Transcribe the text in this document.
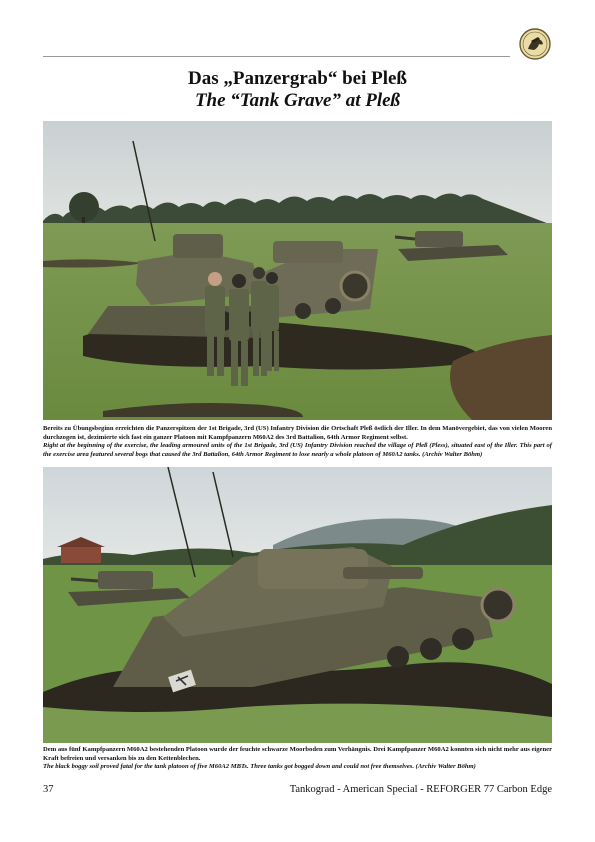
Das „Panzergrab“ bei Pleß
The “Tank Grave” at Pleß

Bereits zu Übungsbeginn erreichten die Panzerspitzen der 1st Brigade, 3rd (US) Infantry Division die Ortschaft Pleß östlich der Iller. In dem Manövergebiet, das von vielen Mooren durchzogen ist, dezimierte sich fast ein ganzer Platoon mit Kampfpanzern M60A2 des 3rd Battalion, 64th Armor Regiment selbst.

Right at the beginning of the exercise, the leading armoured units of the 1st Brigade, 3rd (US) Infantry Division reached the village of Pleß (Pless), situated east of the Iller. This part of the exercise area featured several bogs that caused the 3rd Battalion, 64th Armor Regiment to lose nearly a whole platoon of M60A2 tanks. (Archiv Walter Böhm)

Dem aus fünf Kampfpanzern M60A2 bestehenden Platoon wurde der feuchte schwarze Moorboden zum Verhängnis. Drei Kampfpanzer M60A2 konnten sich nicht mehr aus eigener Kraft befreien und versanken bis zu den Kettenblechen.

The black boggy soil proved fatal for the tank platoon of five M60A2 MBTs. Three tanks got bogged down and could not free themselves. (Archiv Walter Böhm)

37	Tankograd - American Special - REFORGER 77 Carbon Edge
